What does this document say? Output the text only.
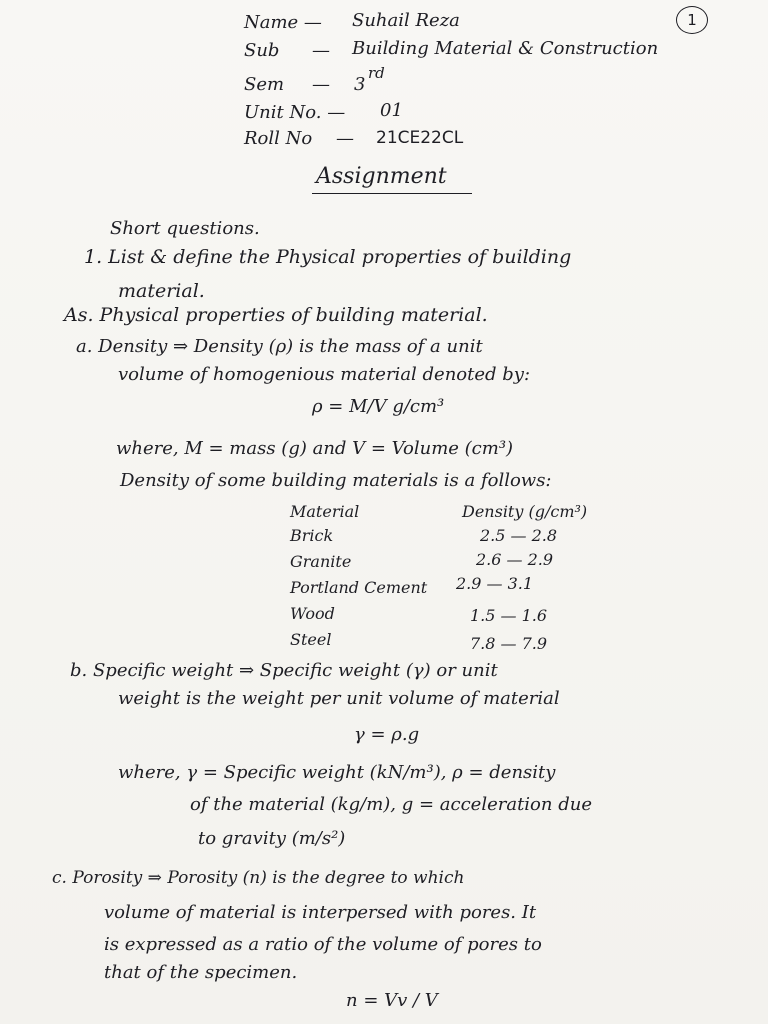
Name — Suhail Reza	1
Sub — Building Material & Construction
Sem — 3
rd
Unit No. — 01
Roll No — 21CE22CL
Assignment
Short questions.
1. List & define the Physical properties of building
material.
As. Physical properties of building material.
a. Density ⇒ Density (ρ) is the mass of a unit
volume of homogenious material denoted by:
ρ = M/V g/cm³
where, M = mass (g) and V = Volume (cm³)
Density of some building materials is a follows:
Material	Density (g/cm³)
Brick	2.5 — 2.8
Granite	2.6 — 2.9
Portland Cement 2.9 — 3.1
Wood	1.5 — 1.6
Steel	7.8 — 7.9
b. Specific weight ⇒ Specific weight (γ) or unit
weight is the weight per unit volume of material
γ = ρ.g
where, γ = Specific weight (kN/m³), ρ = density
of the material (kg/m), g = acceleration due
to gravity (m/s²)
c. Porosity ⇒ Porosity (n) is the degree to which
volume of material is interpersed with pores. It
is expressed as a ratio of the volume of pores to
that of the specimen.
n = Vv / V
